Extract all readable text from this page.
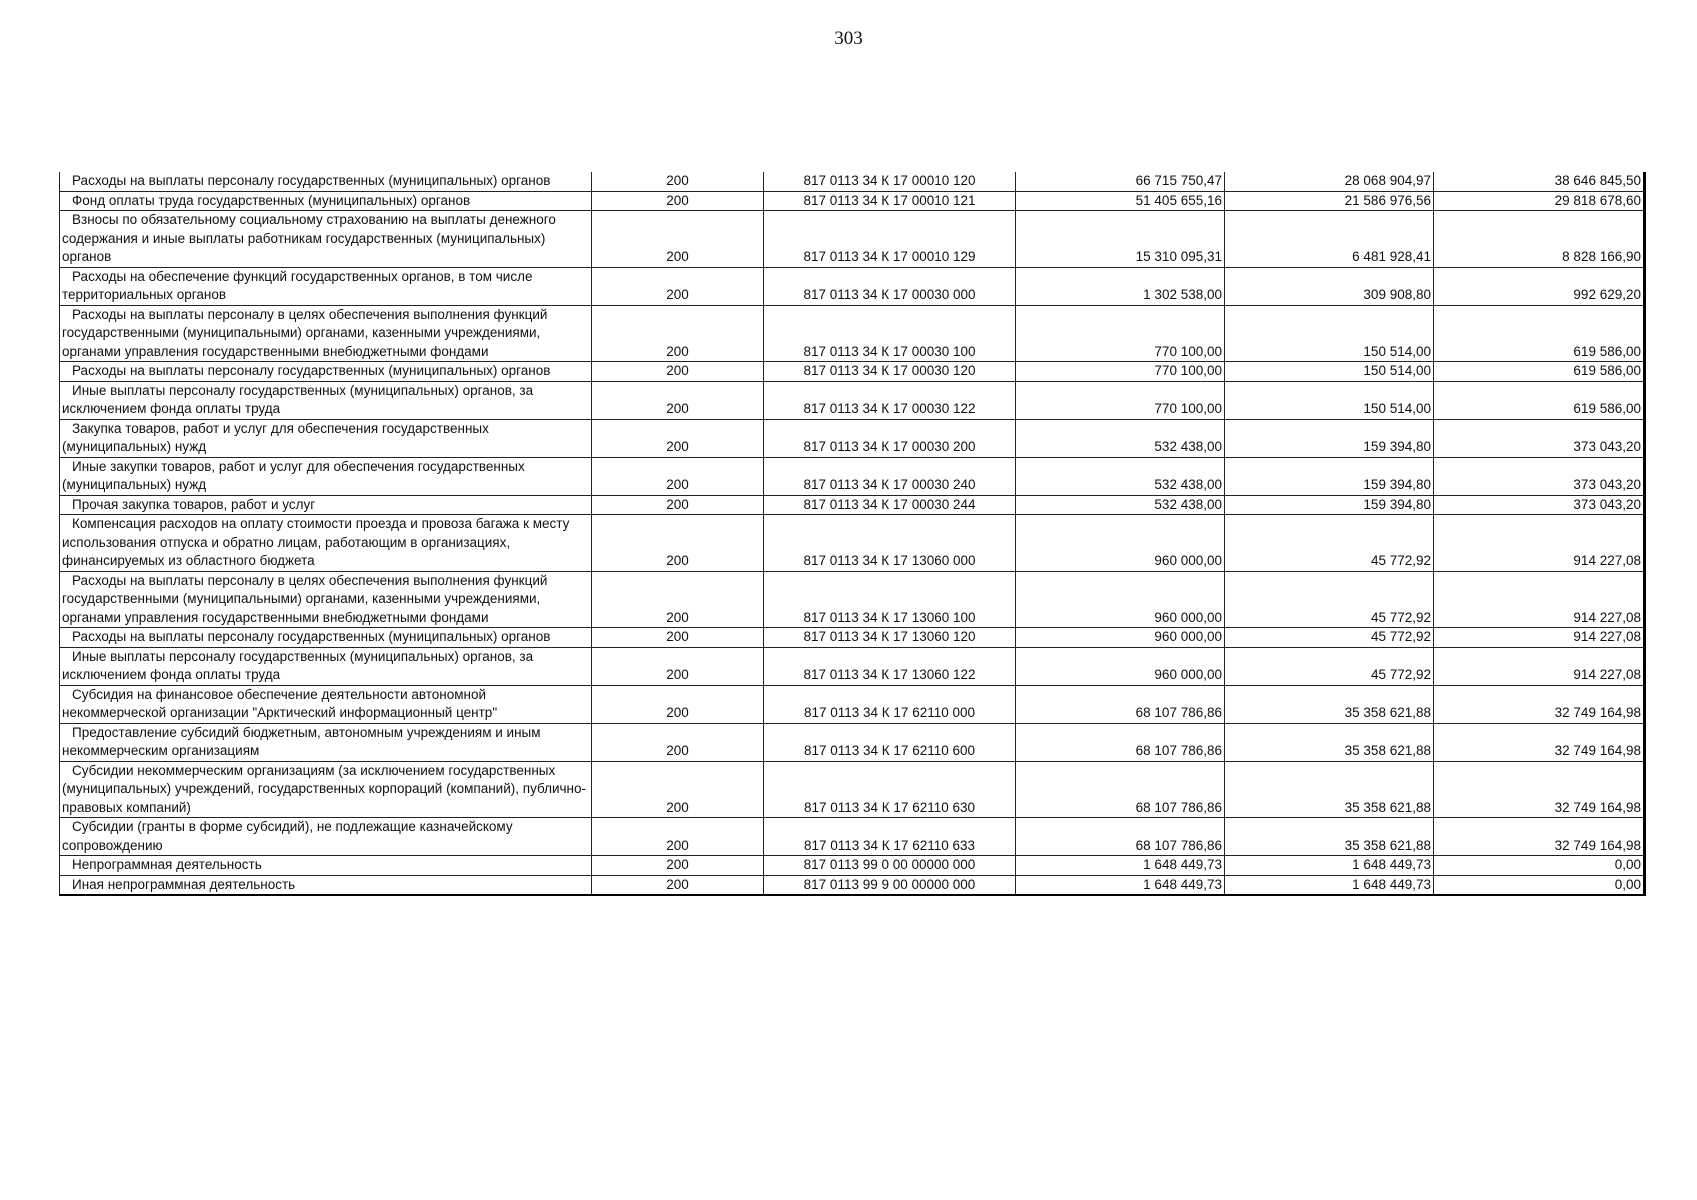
303
Расходы на выплаты персоналу государственных (муниципальных) органов	200	817 0113 34 К 17 00010 120	66 715 750,47	28 068 904,97	38 646 845,50

Фонд оплаты труда государственных (муниципальных) органов	200	817 0113 34 К 17 00010 121	51 405 655,16	21 586 976,56	29 818 678,60

Взносы по обязательному социальному страхованию на выплаты денежного содержания и иные выплаты работникам государственных (муниципальных) органов	200	817 0113 34 К 17 00010 129	15 310 095,31	6 481 928,41	8 828 166,90

Расходы на обеспечение функций государственных органов, в том числе территориальных органов	200	817 0113 34 К 17 00030 000	1 302 538,00	309 908,80	992 629,20

Расходы на выплаты персоналу в целях обеспечения выполнения функций государственными (муниципальными) органами, казенными учреждениями, органами управления государственными внебюджетными фондами	200	817 0113 34 К 17 00030 100	770 100,00	150 514,00	619 586,00

Расходы на выплаты персоналу государственных (муниципальных) органов	200	817 0113 34 К 17 00030 120	770 100,00	150 514,00	619 586,00

Иные выплаты персоналу государственных (муниципальных) органов, за исключением фонда оплаты труда	200	817 0113 34 К 17 00030 122	770 100,00	150 514,00	619 586,00

Закупка товаров, работ и услуг для обеспечения государственных (муниципальных) нужд	200	817 0113 34 К 17 00030 200	532 438,00	159 394,80	373 043,20

Иные закупки товаров, работ и услуг для обеспечения государственных (муниципальных) нужд	200	817 0113 34 К 17 00030 240	532 438,00	159 394,80	373 043,20

Прочая закупка товаров, работ и услуг	200	817 0113 34 К 17 00030 244	532 438,00	159 394,80	373 043,20

Компенсация расходов на оплату стоимости проезда и провоза багажа к месту использования отпуска и обратно лицам, работающим в организациях, финансируемых из областного бюджета	200	817 0113 34 К 17 13060 000	960 000,00	45 772,92	914 227,08

Расходы на выплаты персоналу в целях обеспечения выполнения функций государственными (муниципальными) органами, казенными учреждениями, органами управления государственными внебюджетными фондами	200	817 0113 34 К 17 13060 100	960 000,00	45 772,92	914 227,08

Расходы на выплаты персоналу государственных (муниципальных) органов	200	817 0113 34 К 17 13060 120	960 000,00	45 772,92	914 227,08

Иные выплаты персоналу государственных (муниципальных) органов, за исключением фонда оплаты труда	200	817 0113 34 К 17 13060 122	960 000,00	45 772,92	914 227,08

Субсидия на финансовое обеспечение деятельности автономной некоммерческой организации "Арктический информационный центр"	200	817 0113 34 К 17 62110 000	68 107 786,86	35 358 621,88	32 749 164,98

Предоставление субсидий бюджетным, автономным учреждениям и иным некоммерческим организациям	200	817 0113 34 К 17 62110 600	68 107 786,86	35 358 621,88	32 749 164,98

Субсидии некоммерческим организациям (за исключением государственных (муниципальных) учреждений, государственных корпораций (компаний), публично-правовых компаний)	200	817 0113 34 К 17 62110 630	68 107 786,86	35 358 621,88	32 749 164,98

Субсидии (гранты в форме субсидий), не подлежащие казначейскому сопровождению	200	817 0113 34 К 17 62110 633	68 107 786,86	35 358 621,88	32 749 164,98

Непрограммная деятельность	200	817 0113 99 0 00 00000 000	1 648 449,73	1 648 449,73	0,00

Иная непрограммная деятельность	200	817 0113 99 9 00 00000 000	1 648 449,73	1 648 449,73	0,00
